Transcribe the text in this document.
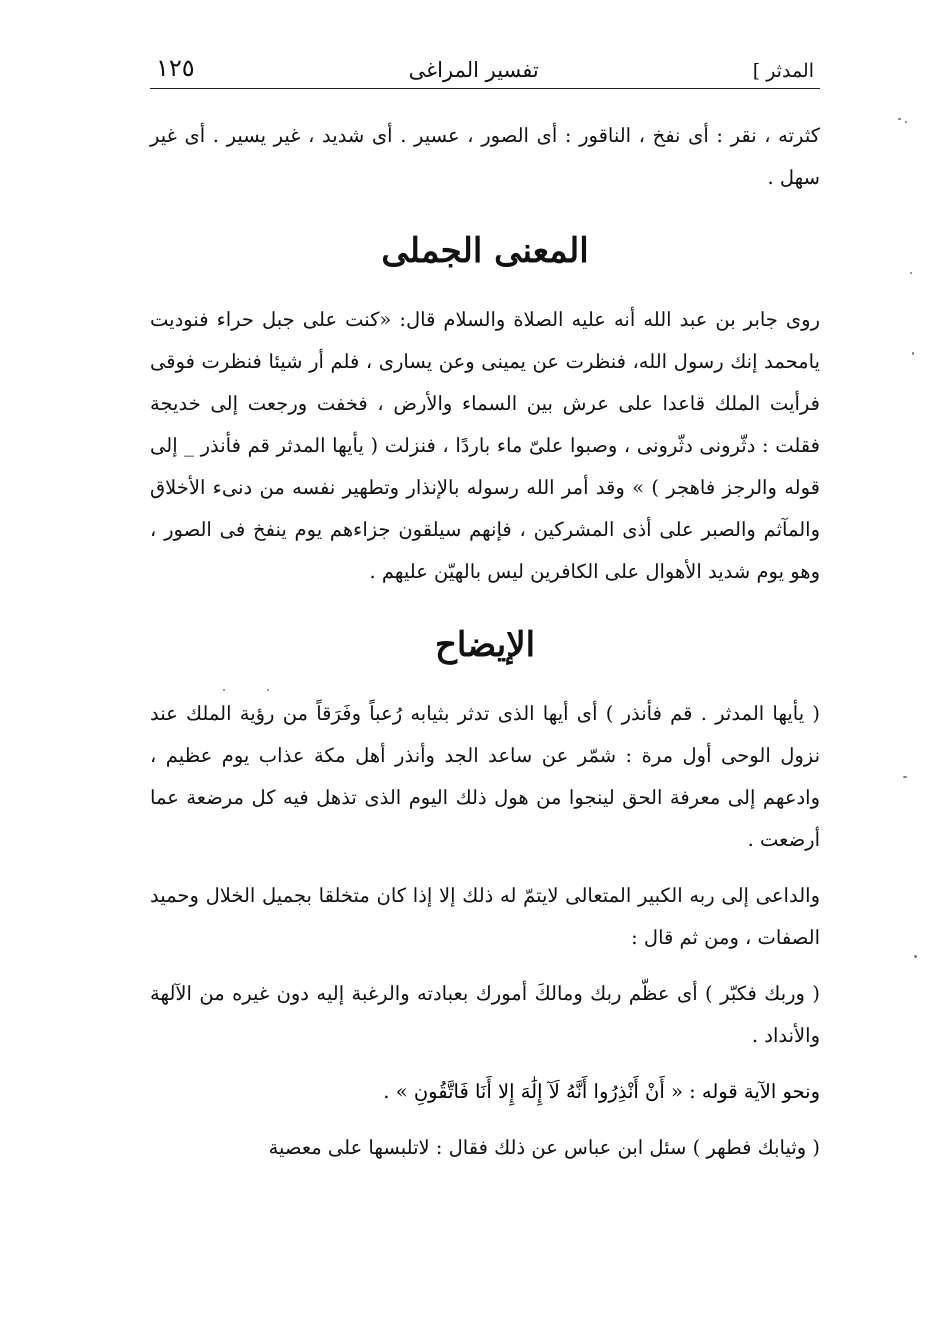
المدثر ]
تفسير المراغى
١٢٥

كثرته ، نقر : أى نفخ ، الناقور : أى الصور ، عسير . أى شديد ، غير يسير . أى غير سهل .

المعنى الجملى

روى جابر بن عبد الله أنه عليه الصلاة والسلام قال: «كنت على جبل حراء فنوديت يامحمد إنك رسول الله، فنظرت عن يمينى وعن يسارى ، فلم أر شيئا فنظرت فوقى فرأيت الملك قاعدا على عرش بين السماء والأرض ، فخفت ورجعت إلى خديجة فقلت : دثّرونى دثّرونى ، وصبوا علىّ ماء باردًا ، فنزلت ( يأيها المدثر قم فأنذر _ إلى قوله والرجز فاهجر ) » وقد أمر الله رسوله بالإنذار وتطهير نفسه من دنىء الأخلاق والمآثم والصبر على أذى المشركين ، فإنهم سيلقون جزاءهم يوم ينفخ فى الصور ، وهو يوم شديد الأهوال على الكافرين ليس بالهيّن عليهم .

الإيضاح

( يأيها المدثر . قم فأنذر ) أى أيها الذى تدثر بثيابه رُعباً وفَرَقاً من رؤية الملك عند نزول الوحى أول مرة : شمّر عن ساعد الجد وأنذر أهل مكة عذاب يوم عظيم ، وادعهم إلى معرفة الحق لينجوا من هول ذلك اليوم الذى تذهل فيه كل مرضعة عما أرضعت .

والداعى إلى ربه الكبير المتعالى لايتمّ له ذلك إلا إذا كان متخلقا بجميل الخلال وحميد الصفات ، ومن ثم قال :

( وربك فكبّر ) أى عظّم ربك ومالكَ أمورك بعبادته والرغبة إليه دون غيره من الآلهة والأنداد .

ونحو الآية قوله : « أَنْ أَنْذِرُوا أَنَّهُ لَآ إِلَٰهَ إِلا أَنَا فَاتَّقُونِ » .

( وثيابك فطهر ) سئل ابن عباس عن ذلك فقال : لاتلبسها على معصية
